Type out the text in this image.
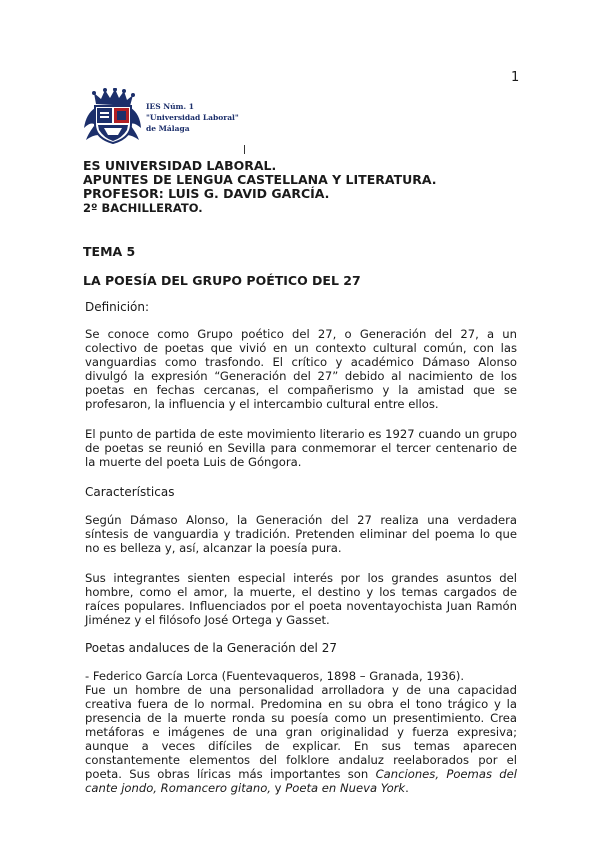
1
IES Núm. 1
"Universidad Laboral"
de Málaga
ES UNIVERSIDAD LABORAL.
APUNTES DE LENGUA CASTELLANA Y LITERATURA.
PROFESOR: LUIS G. DAVID GARCÍA.
2º BACHILLERATO.
TEMA 5
LA POESÍA DEL GRUPO POÉTICO DEL 27
Definición:
Se conoce como Grupo poético del 27, o Generación del 27, a un colectivo de poetas que vivió en un contexto cultural común, con las vanguardias como trasfondo. El crítico y académico Dámaso Alonso divulgó la expresión “Generación del 27” debido al nacimiento de los poetas en fechas cercanas, el compañerismo y la amistad que se profesaron, la influencia y el intercambio cultural entre ellos.
El punto de partida de este movimiento literario es 1927 cuando un grupo de poetas se reunió en Sevilla para conmemorar el tercer centenario de la muerte del poeta Luis de Góngora.
Características
Según Dámaso Alonso, la Generación del 27 realiza una verdadera síntesis de vanguardia y tradición. Pretenden eliminar del poema lo que no es belleza y, así, alcanzar la poesía pura.
Sus integrantes sienten especial interés por los grandes asuntos del hombre, como el amor, la muerte, el destino y los temas cargados de raíces populares. Influenciados por el poeta noventayochista Juan Ramón Jiménez y el filósofo José Ortega y Gasset.
Poetas andaluces de la Generación del 27
- Federico García Lorca (Fuentevaqueros, 1898 – Granada, 1936).
Fue un hombre de una personalidad arrolladora y de una capacidad creativa fuera de lo normal. Predomina en su obra el tono trágico y la presencia de la muerte ronda su poesía como un presentimiento. Crea metáforas e imágenes de una gran originalidad y fuerza expresiva; aunque a veces difíciles de explicar. En sus temas aparecen constantemente elementos del folklore andaluz reelaborados por el poeta. Sus obras líricas más importantes son Canciones, Poemas del cante jondo, Romancero gitano, y Poeta en Nueva York.
